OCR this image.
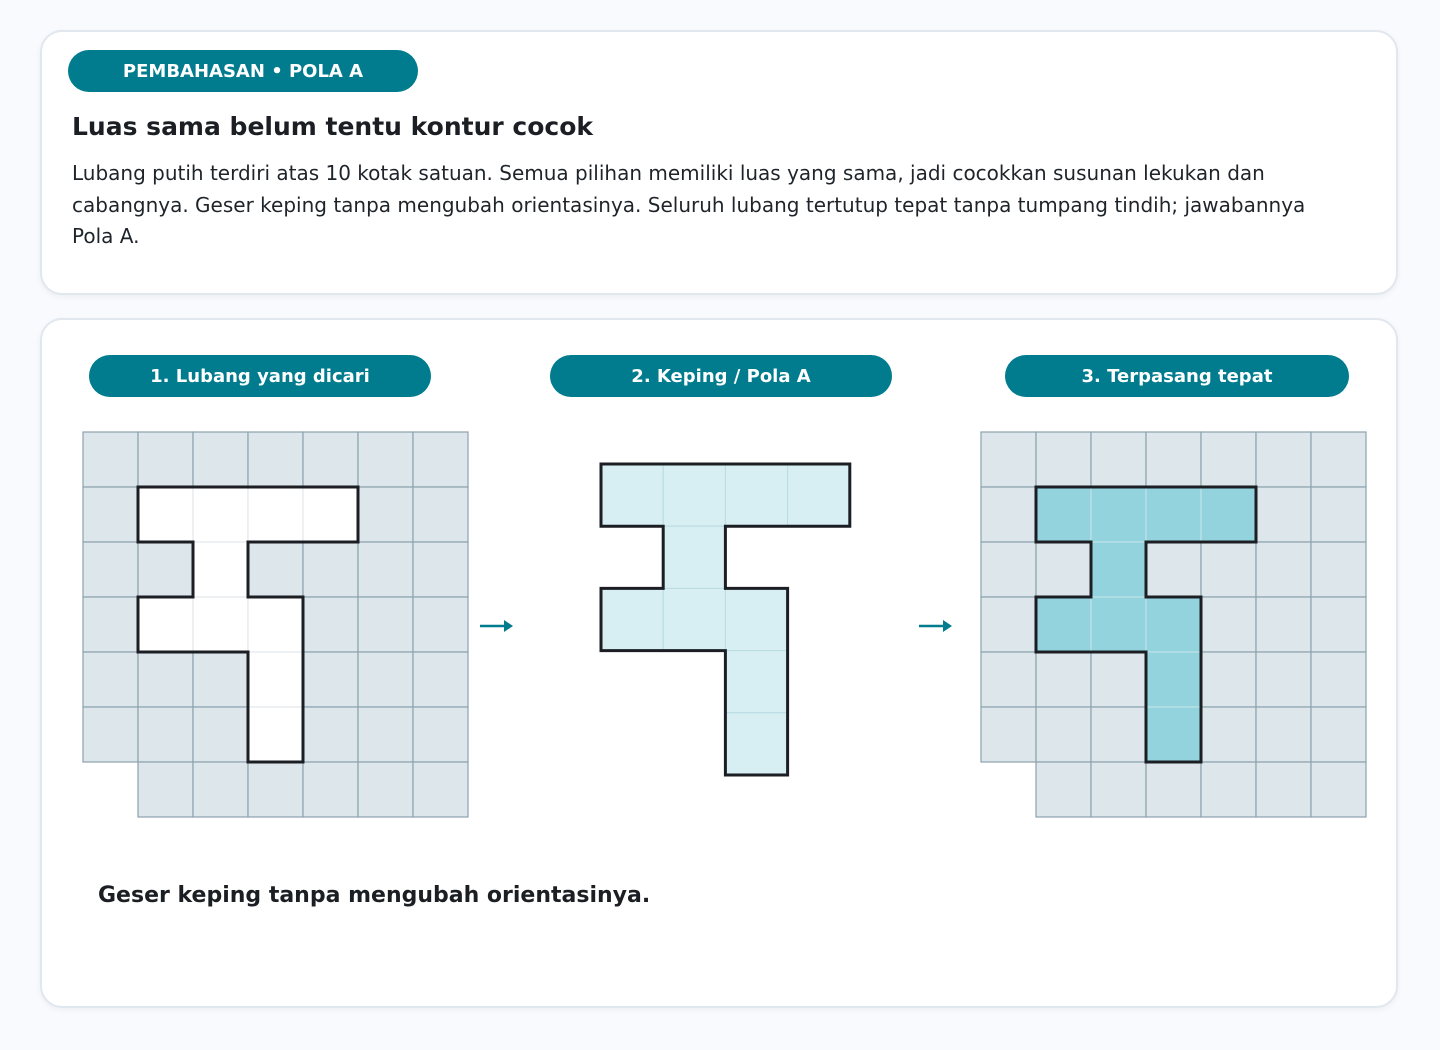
PEMBAHASAN • POLA A
Luas sama belum tentu kontur cocok

Lubang putih terdiri atas 10 kotak satuan. Semua pilihan memiliki luas yang sama, jadi cocokkan susunan lekukan dan cabangnya. Geser keping tanpa mengubah orientasinya. Seluruh lubang tertutup tepat tanpa tumpang tindih; jawabannya Pola A.

1. Lubang yang dicari	2. Keping / Pola A	3. Terpasang tepat

Geser keping tanpa mengubah orientasinya.
